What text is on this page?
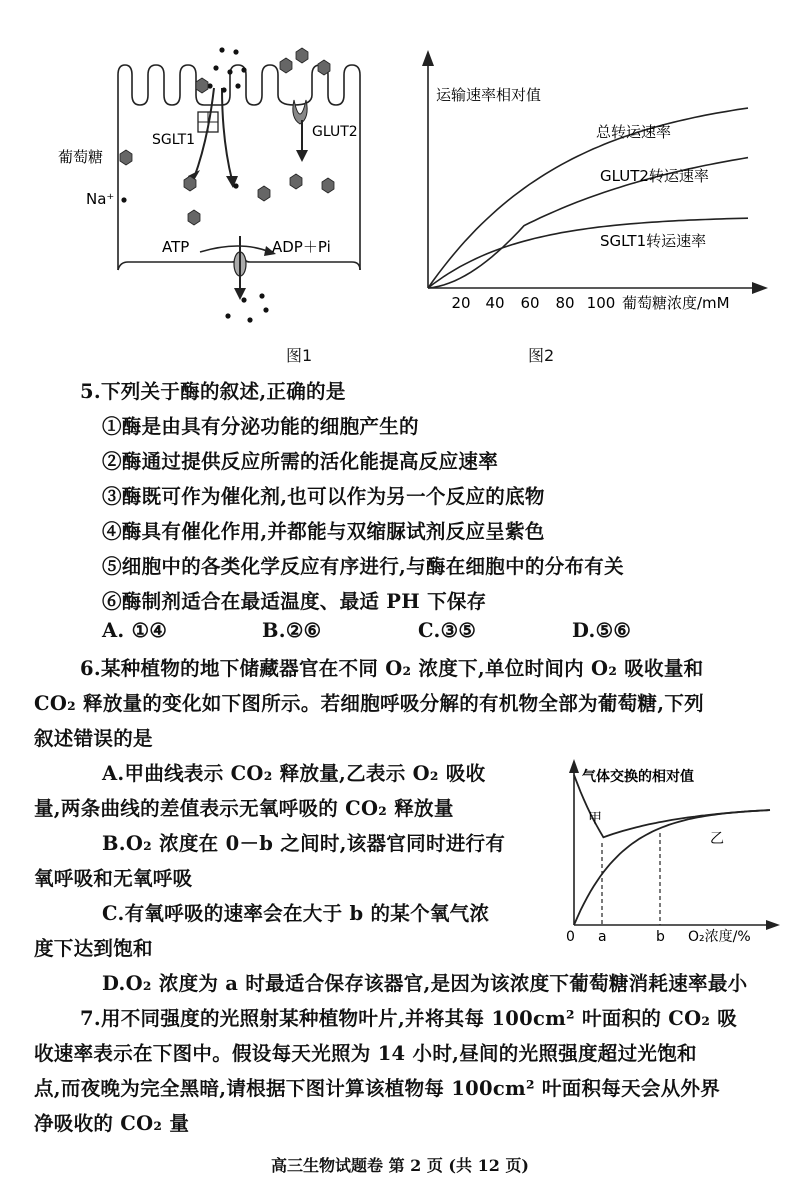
葡萄糖
Na⁺
SGLT1	GLUT2
ATP	ADP＋Pi
图1
运输速率相对值
总转运速率
GLUT2转运速率
SGLT1转运速率
20 40 60 80 100 葡萄糖浓度/mM
图2
5.下列关于酶的叙述,正确的是
①酶是由具有分泌功能的细胞产生的
②酶通过提供反应所需的活化能提高反应速率
③酶既可作为催化剂,也可以作为另一个反应的底物
④酶具有催化作用,并都能与双缩脲试剂反应呈紫色
⑤细胞中的各类化学反应有序进行,与酶在细胞中的分布有关
⑥酶制剂适合在最适温度、最适 PH 下保存
A. ①④	B.②⑥	C.③⑤	D.⑤⑥
6.某种植物的地下储藏器官在不同 O₂ 浓度下,单位时间内 O₂ 吸收量和
CO₂ 释放量的变化如下图所示。若细胞呼吸分解的有机物全部为葡萄糖,下列
叙述错误的是
A.甲曲线表示 CO₂ 释放量,乙表示 O₂ 吸收
量,两条曲线的差值表示无氧呼吸的 CO₂ 释放量
B.O₂ 浓度在 0－b 之间时,该器官同时进行有
氧呼吸和无氧呼吸
C.有氧呼吸的速率会在大于 b 的某个氧气浓
度下达到饱和
D.O₂ 浓度为 a 时最适合保存该器官,是因为该浓度下葡萄糖消耗速率最小
气体交换的相对值
甲
乙
0 a	b O₂浓度/%
7.用不同强度的光照射某种植物叶片,并将其每 100cm² 叶面积的 CO₂ 吸
收速率表示在下图中。假设每天光照为 14 小时,昼间的光照强度超过光饱和
点,而夜晚为完全黑暗,请根据下图计算该植物每 100cm² 叶面积每天会从外界
净吸收的 CO₂ 量
高三生物试题卷 第 2 页 (共 12 页)
